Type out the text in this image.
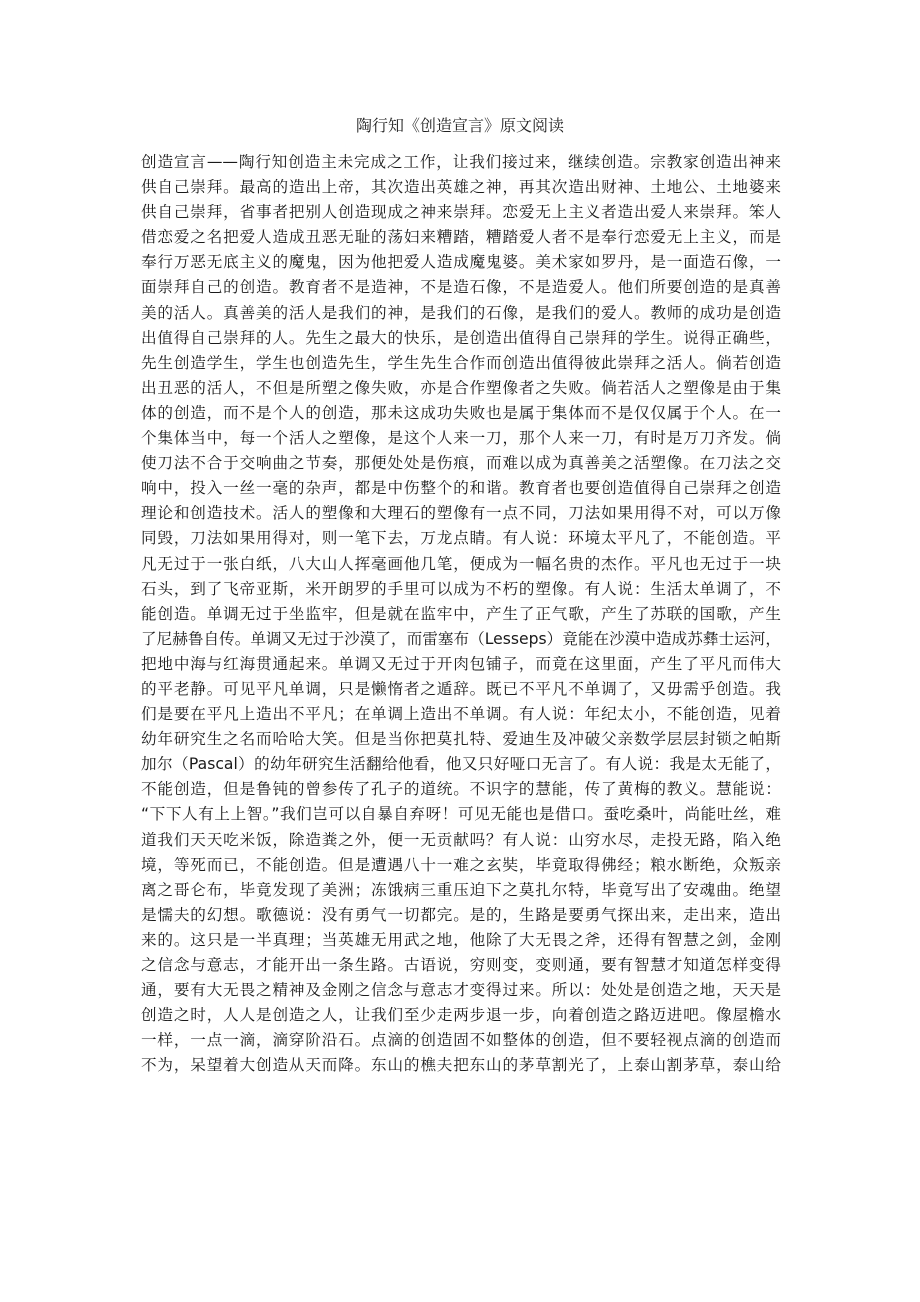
陶行知《创造宣言》原文阅读
创造宣言——陶行知创造主未完成之工作，让我们接过来，继续创造。宗教家创造出神来
供自己崇拜。最高的造出上帝，其次造出英雄之神，再其次造出财神、土地公、土地婆来
供自己崇拜，省事者把别人创造现成之神来崇拜。恋爱无上主义者造出爱人来崇拜。笨人
借恋爱之名把爱人造成丑恶无耻的荡妇来糟踏，糟踏爱人者不是奉行恋爱无上主义，而是
奉行万恶无底主义的魔鬼，因为他把爱人造成魔鬼婆。美术家如罗丹，是一面造石像，一
面崇拜自己的创造。教育者不是造神，不是造石像，不是造爱人。他们所要创造的是真善
美的活人。真善美的活人是我们的神，是我们的石像，是我们的爱人。教师的成功是创造
出值得自己崇拜的人。先生之最大的快乐，是创造出值得自己崇拜的学生。说得正确些，
先生创造学生，学生也创造先生，学生先生合作而创造出值得彼此崇拜之活人。倘若创造
出丑恶的活人，不但是所塑之像失败，亦是合作塑像者之失败。倘若活人之塑像是由于集
体的创造，而不是个人的创造，那未这成功失败也是属于集体而不是仅仅属于个人。在一
个集体当中，每一个活人之塑像，是这个人来一刀，那个人来一刀，有时是万刀齐发。倘
使刀法不合于交响曲之节奏，那便处处是伤痕，而难以成为真善美之活塑像。在刀法之交
响中，投入一丝一毫的杂声，都是中伤整个的和谐。教育者也要创造值得自己崇拜之创造
理论和创造技术。活人的塑像和大理石的塑像有一点不同，刀法如果用得不对，可以万像
同毁，刀法如果用得对，则一笔下去，万龙点睛。有人说：环境太平凡了，不能创造。平
凡无过于一张白纸，八大山人挥毫画他几笔，便成为一幅名贵的杰作。平凡也无过于一块
石头，到了飞帝亚斯，米开朗罗的手里可以成为不朽的塑像。有人说：生活太单调了，不
能创造。单调无过于坐监牢，但是就在监牢中，产生了正气歌，产生了苏联的国歌，产生
了尼赫鲁自传。单调又无过于沙漠了，而雷塞布（Lesseps）竟能在沙漠中造成苏彝士运河，
把地中海与红海贯通起来。单调又无过于开肉包铺子，而竟在这里面，产生了平凡而伟大
的平老静。可见平凡单调，只是懒惰者之遁辞。既已不平凡不单调了，又毋需乎创造。我
们是要在平凡上造出不平凡；在单调上造出不单调。有人说：年纪太小，不能创造，见着
幼年研究生之名而哈哈大笑。但是当你把莫扎特、爱迪生及冲破父亲数学层层封锁之帕斯
加尔（Pascal）的幼年研究生活翻给他看，他又只好哑口无言了。有人说：我是太无能了，
不能创造，但是鲁钝的曾参传了孔子的道统。不识字的慧能，传了黄梅的教义。慧能说：
“下下人有上上智。”我们岂可以自暴自弃呀！可见无能也是借口。蚕吃桑叶，尚能吐丝，难
道我们天天吃米饭，除造粪之外，便一无贡献吗？有人说：山穷水尽，走投无路，陷入绝
境，等死而已，不能创造。但是遭遇八十一难之玄奘，毕竟取得佛经；粮水断绝，众叛亲
离之哥仑布，毕竟发现了美洲；冻饿病三重压迫下之莫扎尔特，毕竟写出了安魂曲。绝望
是懦夫的幻想。歌德说：没有勇气一切都完。是的，生路是要勇气探出来，走出来，造出
来的。这只是一半真理；当英雄无用武之地，他除了大无畏之斧，还得有智慧之剑，金刚
之信念与意志，才能开出一条生路。古语说，穷则变，变则通，要有智慧才知道怎样变得
通，要有大无畏之精神及金刚之信念与意志才变得过来。所以：处处是创造之地，天天是
创造之时，人人是创造之人，让我们至少走两步退一步，向着创造之路迈进吧。像屋檐水
一样，一点一滴，滴穿阶沿石。点滴的创造固不如整体的创造，但不要轻视点滴的创造而
不为，呆望着大创造从天而降。东山的樵夫把东山的茅草割光了，上泰山割茅草，泰山给
